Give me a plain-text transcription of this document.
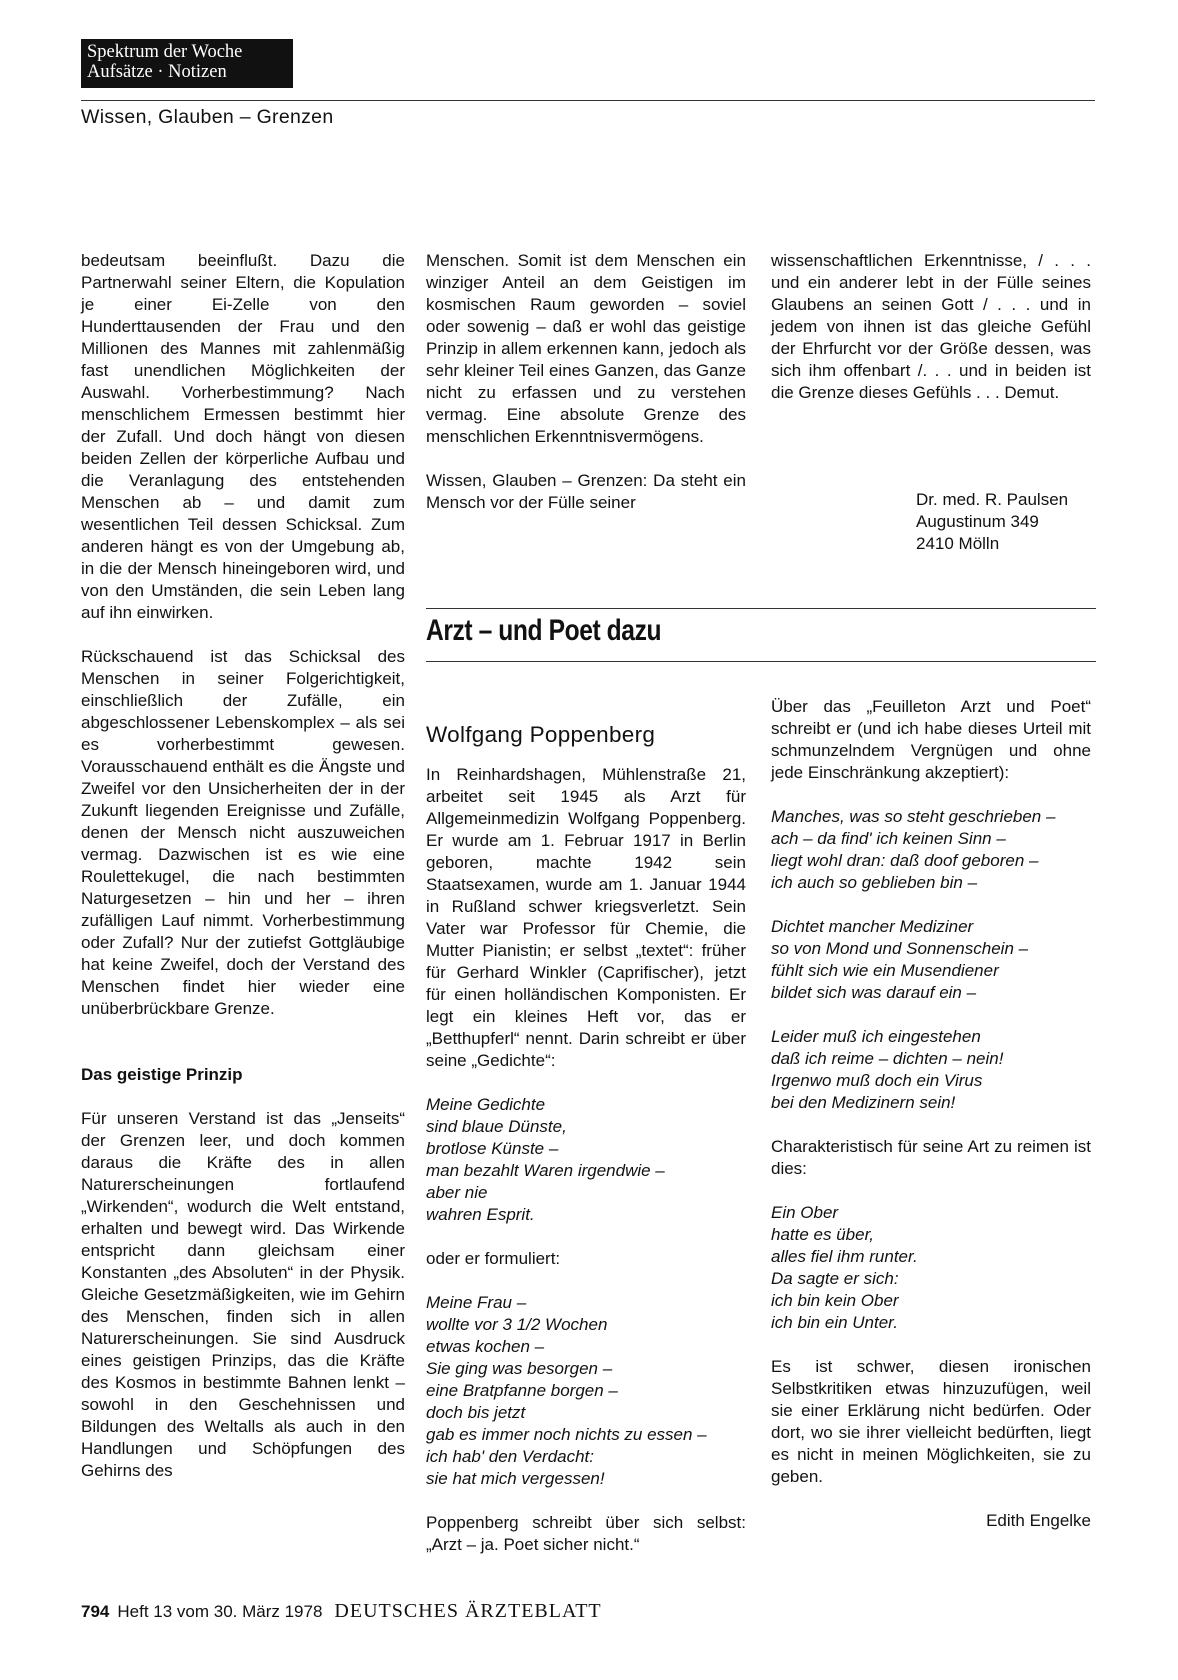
Spektrum der Woche
Aufsätze · Notizen
Wissen, Glauben – Grenzen

bedeutsam beeinflußt. Dazu die Partnerwahl seiner Eltern, die Kopulation je einer Ei-Zelle von den Hunderttausenden der Frau und den Millionen des Mannes mit zahlenmäßig fast unendlichen Möglichkeiten der Auswahl. Vorherbestimmung? Nach menschlichem Ermessen bestimmt hier der Zufall. Und doch hängt von diesen beiden Zellen der körperliche Aufbau und die Veranlagung des entstehenden Menschen ab – und damit zum wesentlichen Teil dessen Schicksal. Zum anderen hängt es von der Umgebung ab, in die der Mensch hineingeboren wird, und von den Umständen, die sein Leben lang auf ihn einwirken.

Rückschauend ist das Schicksal des Menschen in seiner Folgerichtigkeit, einschließlich der Zufälle, ein abgeschlossener Lebenskomplex – als sei es vorherbestimmt gewesen. Vorausschauend enthält es die Ängste und Zweifel vor den Unsicherheiten der in der Zukunft liegenden Ereignisse und Zufälle, denen der Mensch nicht auszuweichen vermag. Dazwischen ist es wie eine Roulettekugel, die nach bestimmten Naturgesetzen – hin und her – ihren zufälligen Lauf nimmt. Vorherbestimmung oder Zufall? Nur der zutiefst Gottgläubige hat keine Zweifel, doch der Verstand des Menschen findet hier wieder eine unüberbrückbare Grenze.

Das geistige Prinzip

Für unseren Verstand ist das „Jenseits“ der Grenzen leer, und doch kommen daraus die Kräfte des in allen Naturerscheinungen fortlaufend „Wirkenden“, wodurch die Welt entstand, erhalten und bewegt wird. Das Wirkende entspricht dann gleichsam einer Konstanten „des Absoluten“ in der Physik. Gleiche Gesetzmäßigkeiten, wie im Gehirn des Menschen, finden sich in allen Naturerscheinungen. Sie sind Ausdruck eines geistigen Prinzips, das die Kräfte des Kosmos in bestimmte Bahnen lenkt – sowohl in den Geschehnissen und Bildungen des Weltalls als auch in den Handlungen und Schöpfungen des Gehirns des

Menschen. Somit ist dem Menschen ein winziger Anteil an dem Geistigen im kosmischen Raum geworden – soviel oder sowenig – daß er wohl das geistige Prinzip in allem erkennen kann, jedoch als sehr kleiner Teil eines Ganzen, das Ganze nicht zu erfassen und zu verstehen vermag. Eine absolute Grenze des menschlichen Erkenntnisvermögens.

Wissen, Glauben – Grenzen: Da steht ein Mensch vor der Fülle seiner

wissenschaftlichen Erkenntnisse, / . . . und ein anderer lebt in der Fülle seines Glaubens an seinen Gott / . . . und in jedem von ihnen ist das gleiche Gefühl der Ehrfurcht vor der Größe dessen, was sich ihm offenbart /. . . und in beiden ist die Grenze dieses Gefühls . . . Demut.

Dr. med. R. Paulsen
Augustinum 349
2410 Mölln
Arzt – und Poet dazu

Wolfgang Poppenberg

In Reinhardshagen, Mühlenstraße 21, arbeitet seit 1945 als Arzt für Allgemeinmedizin Wolfgang Poppenberg. Er wurde am 1. Februar 1917 in Berlin geboren, machte 1942 sein Staatsexamen, wurde am 1. Januar 1944 in Rußland schwer kriegsverletzt. Sein Vater war Professor für Chemie, die Mutter Pianistin; er selbst „textet“: früher für Gerhard Winkler (Caprifischer), jetzt für einen holländischen Komponisten. Er legt ein kleines Heft vor, das er „Betthupferl“ nennt. Darin schreibt er über seine „Gedichte“:

Meine Gedichte
sind blaue Dünste,
brotlose Künste –
man bezahlt Waren irgendwie –
aber nie
wahren Esprit.

oder er formuliert:

Meine Frau –
wollte vor 3 1/2 Wochen
etwas kochen –
Sie ging was besorgen –
eine Bratpfanne borgen –
doch bis jetzt
gab es immer noch nichts zu essen –
ich hab' den Verdacht:
sie hat mich vergessen!

Poppenberg schreibt über sich selbst: „Arzt – ja. Poet sicher nicht.“

Über das „Feuilleton Arzt und Poet“ schreibt er (und ich habe dieses Urteil mit schmunzelndem Vergnügen und ohne jede Einschränkung akzeptiert):

Manches, was so steht geschrieben –
ach – da find' ich keinen Sinn –
liegt wohl dran: daß doof geboren –
ich auch so geblieben bin –
Dichtet mancher Mediziner
so von Mond und Sonnenschein –
fühlt sich wie ein Musendiener
bildet sich was darauf ein –
Leider muß ich eingestehen
daß ich reime – dichten – nein!
Irgenwo muß doch ein Virus
bei den Medizinern sein!

Charakteristisch für seine Art zu reimen ist dies:

Ein Ober
hatte es über,
alles fiel ihm runter.
Da sagte er sich:
ich bin kein Ober
ich bin ein Unter.

Es ist schwer, diesen ironischen Selbstkritiken etwas hinzuzufügen, weil sie einer Erklärung nicht bedürfen. Oder dort, wo sie ihrer vielleicht bedürften, liegt es nicht in meinen Möglichkeiten, sie zu geben.

Edith Engelke

794 Heft 13 vom 30. März 1978 DEUTSCHES ÄRZTEBLATT
